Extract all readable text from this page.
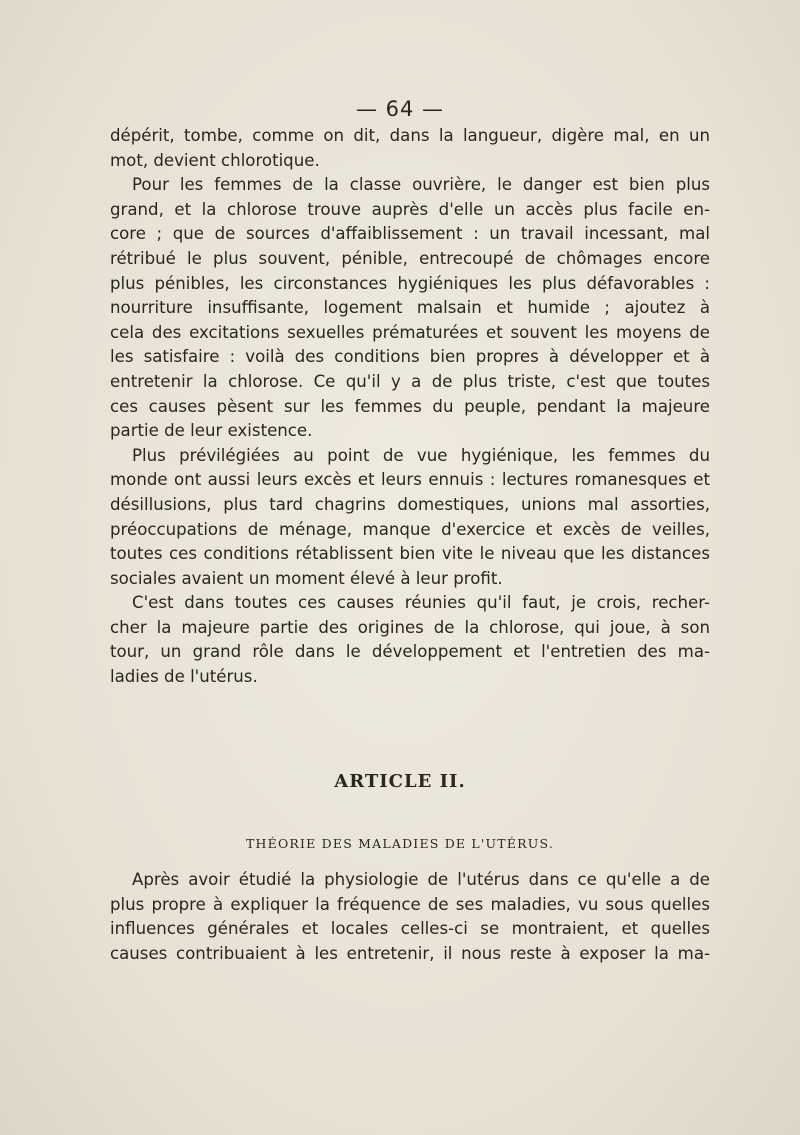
— 64 —

dépérit, tombe, comme on dit, dans la langueur, digère mal, en un

mot, devient chlorotique.

Pour les femmes de la classe ouvrière, le danger est bien plus

grand, et la chlorose trouve auprès d'elle un accès plus facile en-

core ; que de sources d'affaiblissement : un travail incessant, mal

rétribué le plus souvent, pénible, entrecoupé de chômages encore

plus pénibles, les circonstances hygiéniques les plus défavorables :

nourriture insuffisante, logement malsain et humide ; ajoutez à

cela des excitations sexuelles prématurées et souvent les moyens de

les satisfaire : voilà des conditions bien propres à développer et à

entretenir la chlorose. Ce qu'il y a de plus triste, c'est que toutes

ces causes pèsent sur les femmes du peuple, pendant la majeure

partie de leur existence.

Plus prévilégiées au point de vue hygiénique, les femmes du

monde ont aussi leurs excès et leurs ennuis : lectures romanesques et

désillusions, plus tard chagrins domestiques, unions mal assorties,

préoccupations de ménage, manque d'exercice et excès de veilles,

toutes ces conditions rétablissent bien vite le niveau que les distances

sociales avaient un moment élevé à leur profit.

C'est dans toutes ces causes réunies qu'il faut, je crois, recher-

cher la majeure partie des origines de la chlorose, qui joue, à son

tour, un grand rôle dans le développement et l'entretien des ma-

ladies de l'utérus.

ARTICLE II.
THÉORIE DES MALADIES DE L'UTÉRUS.

Après avoir étudié la physiologie de l'utérus dans ce qu'elle a de

plus propre à expliquer la fréquence de ses maladies, vu sous quelles

influences générales et locales celles-ci se montraient, et quelles

causes contribuaient à les entretenir, il nous reste à exposer la ma-
